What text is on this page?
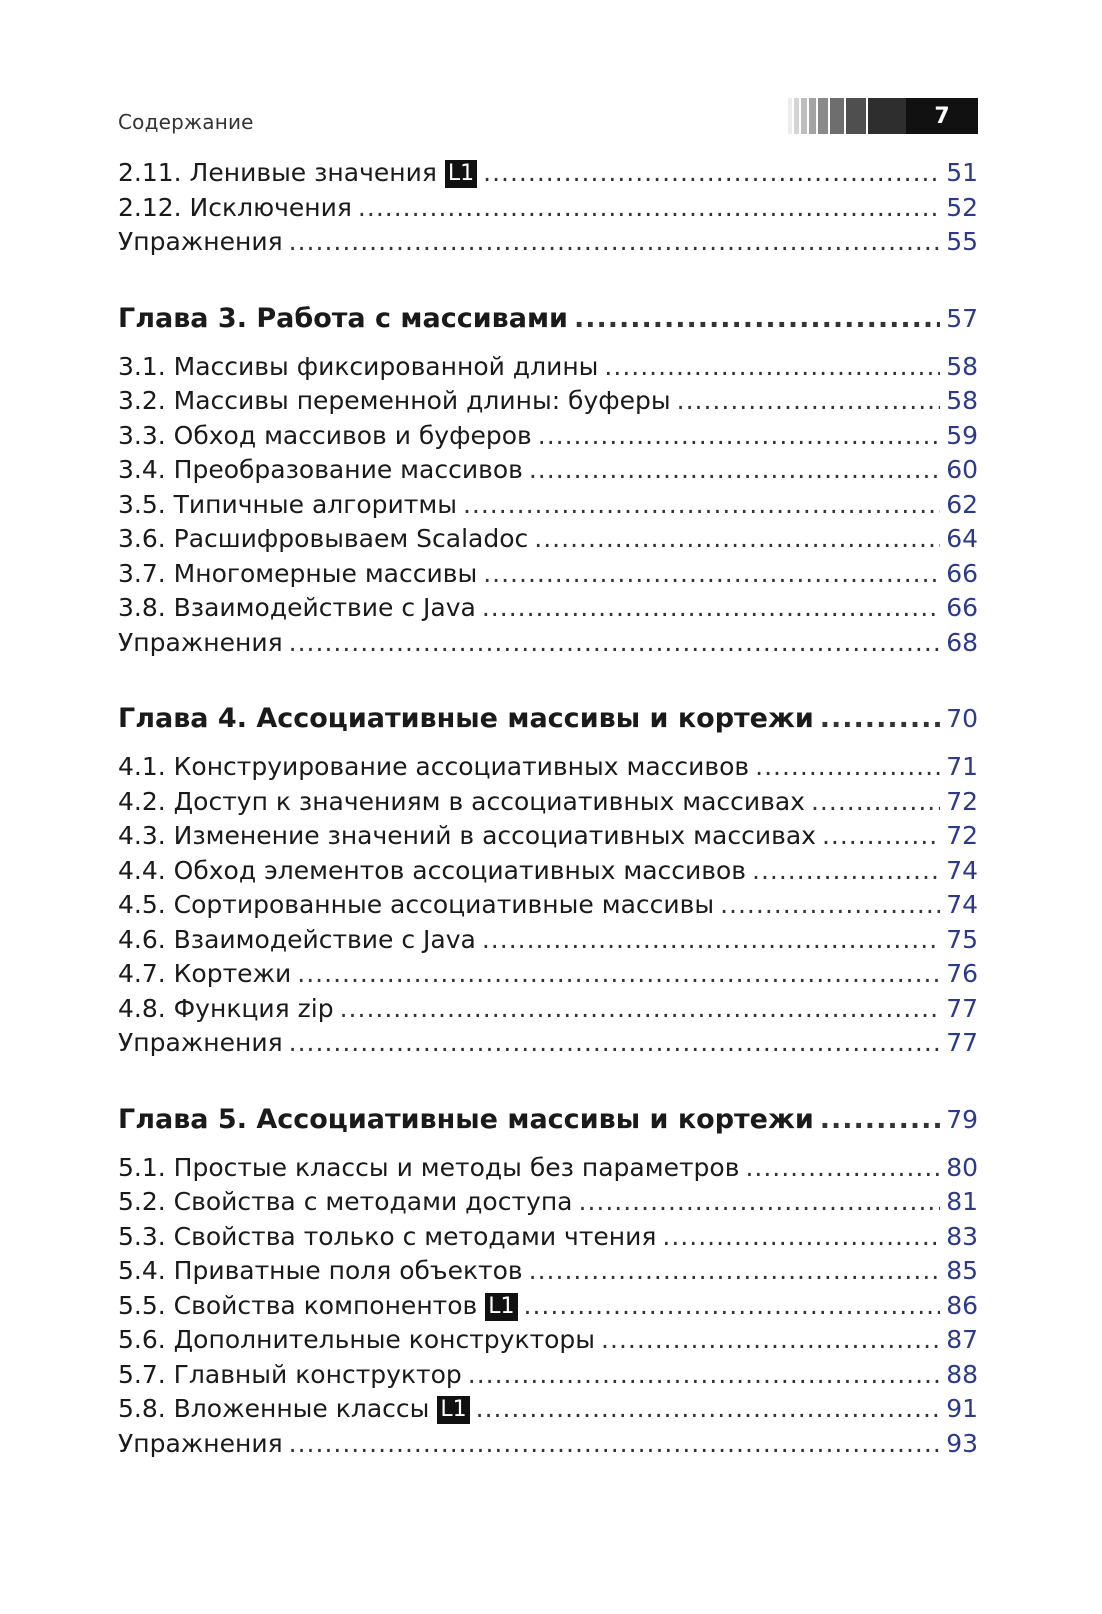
Содержание	7
2.11. Ленивые значения L1 .....	51
2.12. Исключения .....	52
Упражнения .....	55
Глава 3. Работа с массивами .....	57
3.1. Массивы фиксированной длины .....	58
3.2. Массивы переменной длины: буферы .....	58
3.3. Обход массивов и буферов .....	59
3.4. Преобразование массивов .....	60
3.5. Типичные алгоритмы .....	62
3.6. Расшифровываем Scaladoc .....	64
3.7. Многомерные массивы .....	66
3.8. Взаимодействие с Java .....	66
Упражнения .....	68
Глава 4. Ассоциативные массивы и кортежи .....	70
4.1. Конструирование ассоциативных массивов .....	71
4.2. Доступ к значениям в ассоциативных массивах .....	72
4.3. Изменение значений в ассоциативных массивах .....	72
4.4. Обход элементов ассоциативных массивов .....	74
4.5. Сортированные ассоциативные массивы .....	74
4.6. Взаимодействие с Java .....	75
4.7. Кортежи .....	76
4.8. Функция zip .....	77
Упражнения .....	77
Глава 5. Ассоциативные массивы и кортежи .....	79
5.1. Простые классы и методы без параметров .....	80
5.2. Свойства с методами доступа .....	81
5.3. Свойства только с методами чтения .....	83
5.4. Приватные поля объектов .....	85
5.5. Свойства компонентов L1 .....	86
5.6. Дополнительные конструкторы .....	87
5.7. Главный конструктор .....	88
5.8. Вложенные классы L1 .....	91
Упражнения .....	93
